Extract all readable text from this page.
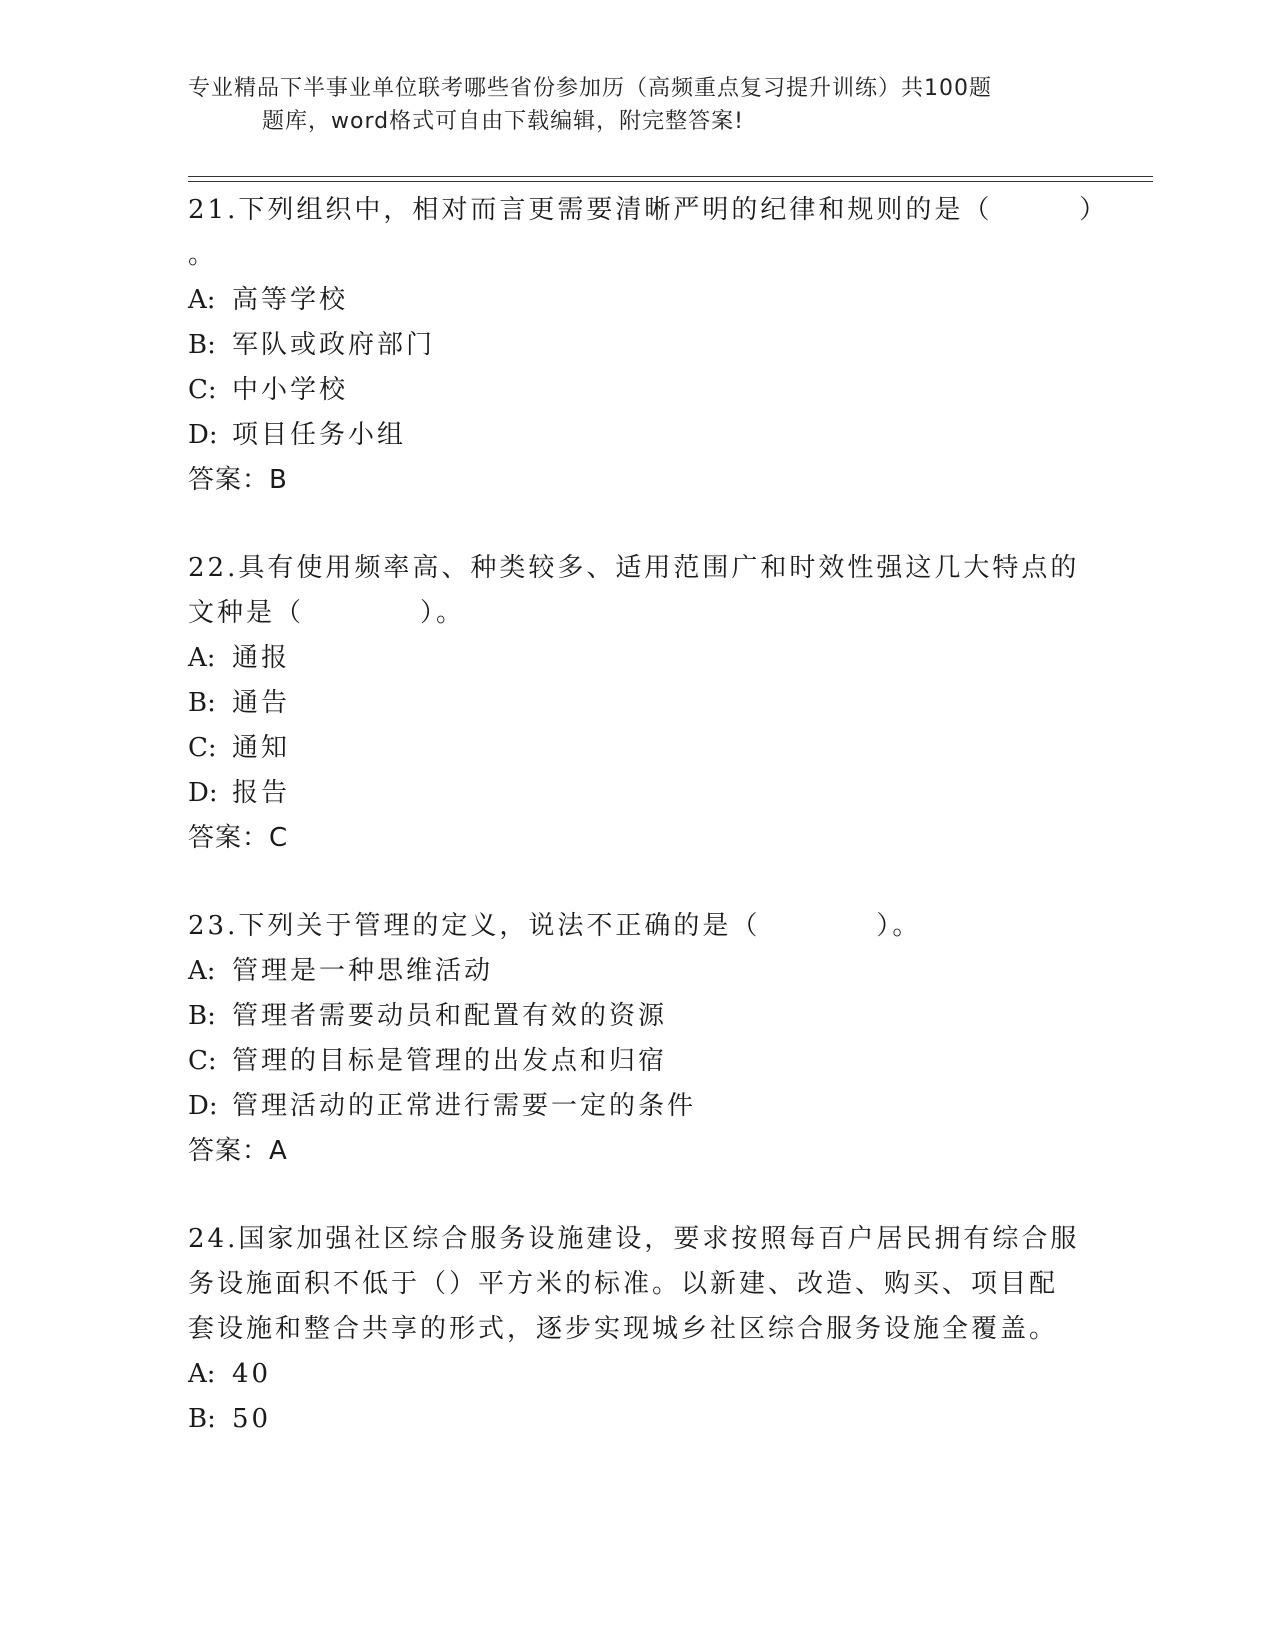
专业精品下半事业单位联考哪些省份参加历（高频重点复习提升训练）共100题
题库，word格式可自由下载编辑，附完整答案!
21.下列组织中，相对而言更需要清晰严明的纪律和规则的是（　　　）
。
A: 高等学校
B: 军队或政府部门
C: 中小学校
D: 项目任务小组
答案：B
22.具有使用频率高、种类较多、适用范围广和时效性强这几大特点的
文种是（　　　　）。
A: 通报
B: 通告
C: 通知
D: 报告
答案：C
23.下列关于管理的定义，说法不正确的是（　　　　）。
A: 管理是一种思维活动
B: 管理者需要动员和配置有效的资源
C: 管理的目标是管理的出发点和归宿
D: 管理活动的正常进行需要一定的条件
答案：A
24.国家加强社区综合服务设施建设，要求按照每百户居民拥有综合服
务设施面积不低于（）平方米的标准。以新建、改造、购买、项目配
套设施和整合共享的形式，逐步实现城乡社区综合服务设施全覆盖。
A: 40
B: 50
